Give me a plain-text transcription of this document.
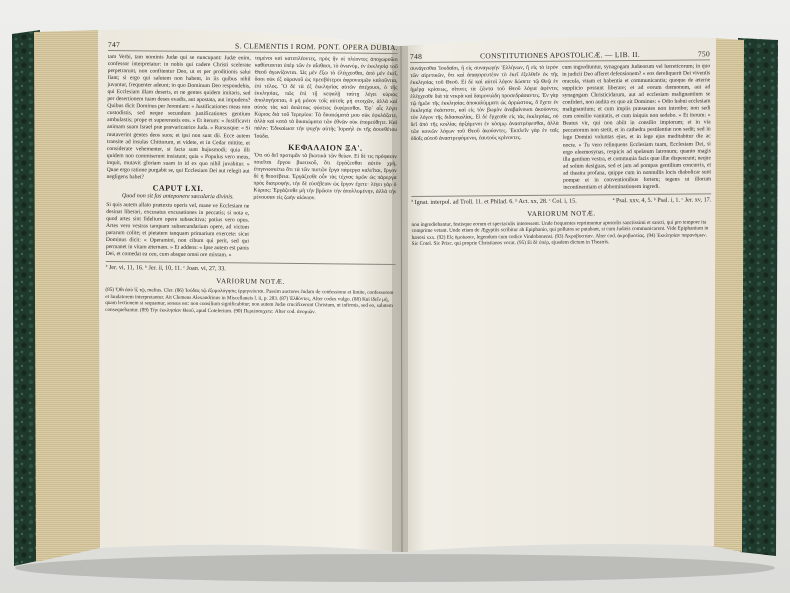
747	S. CLEMENTIS I ROM. PONT. OPERA DUBIA.

tam Verbi, tam nominis Judæ qui se nuncupant: Judæ enim, confessor interpretatur: in nobis qui cadere Christi scelerate perpetrarunt, non confitentur Deo, ut et per proditionis salui fiant; si ergo qui salutem non habent, in iis quibus nihil juvantur, frequenter adeunt; in quo Dominum Deo respondebis, qui Ecclesiam illam deseris, et ne gentes quidem imitaris, sed per desertionem tuam deses evadis, aut apostata, aut impudens? Quibus dicit Dominus per Jeremiam: « Justificationes meas non custodistis, sed neque secundum justificationes gentium ambulastis; prope et supererastis eos. » Et iterum: « Justificavit animam suam Israel præ prævaricatrice Juda. » Rursusque: « Si mutaverint gentes deos suos; et ipsi non sunt dii. Ecce autem transite ad insulas Chittorum, et videte, et in Cedar mittite, et considerate vehementer, si facta sunt hujusmodi; quia illi quidem non commiserunt insistunt; quia « Populus vero meus, inquit, mutavit gloriam suam in id ex quo nihil juvabitur. » Quae ergo ratione purgabit se, qui Ecclesiam Dei aut relegit aut negligens habet?

CAPUT LXI.
Quod non sit fas anteponere sæcularia divinis.

Si quis autem allato prætextu operis vel, mane ve Ecclesiam ne desinat liberari, excusatus excusationes in peccatis; si nota e, quod artes sint fidelium opere subsecitiva; potius vero opus. Artes vero vestras tanquam subsecundarium opere, ad victum pararum colite; et pietatem tanquam primarium exercete: sicut Dominus dicit: « Operamini, non cibum qui perit, sed qui permanet in vitam æternam. » Et addens: « Ipse autem est panis Dei, et comedat ea ceu, cum absque omni ore mixtam. »

ταμένοι καὶ κατεπλέοντες, πρὸς ἣν οἱ πλέοντες ἀποχωροῦσι καθίστανται ὑπὲρ τῶν ἐν αἴσθασι, τὸ ἀνωνύμ, ἐν ἐκκλησίᾳ τοῦ Θεοῦ ἀγωνίζονται. Ὡς μὲν ἔξω τὸ ἐλέγχεσθαι, ἀπὸ μὲν ἐκεῖ, ὅσοι οὐκ ἐξ οὐρανοῦ ὡς πρεσβύτεροι ἀφρονισμῶν καλοῦνται, ἐπὶ τέλος. Ὃ δὲ τὰ ἐξ ἐκκλησίας αὐτῶν ἀπέχουσι, ὁ τῆς ἐκκλησίας, πῶς ἐπὶ τῇ κεφαλῇ ταύτῃ λέγει κύριος ἀπολογήσεται, ὁ μὴ μόνον τοῖς αὐτοῖς μὴ στοιχῶν, ἀλλὰ καὶ αὐτὸς τὰς καὶ ἀσώτους φύσεως ἐκφέρεσθαι. Ἐφ᾽ αἷς λέγει Κύριος διὰ τοῦ Ἱερεμίου: Τὰ δικαιώματά μου οὐκ ἐφυλάξατε, ἀλλὰ καὶ κατὰ τὰ δικαιώματα τῶν ἐθνῶν οὐκ ἐπορεύθητε. Καὶ πάλιν: Ἐδικαίωσε τὴν ψυχὴν αὐτῆς Ἰσραὴλ ἐκ τῆς ἀσυνθέτου Ἰούδα.

ΚΕΦΑΛΑΙΟΝ ΞΑ'.

Ὅτι οὐ δεῖ προτιμᾶν τὰ βιωτικὰ τῶν θείων. Εἰ δέ τις πρόφασιν ποιεῖται ἔργου βιωτικοῦ, ὅτι ἐργάζεσθαι αὐτὸν χρὴ, ἐπιγινωσκέτω ὅτι τὰ τῶν πιστῶν ἔργα πάρεργα καλεῖται, ἔργον δὲ ἡ θεοσέβεια. Ἐργάζεσθε οὖν τὰς τέχνας ὑμῶν ὡς πάρεργα πρὸς διατροφὴν, τὴν δὲ εὐσέβειαν ὡς ἔργον ἔχετε· λέγει γὰρ ὁ Κύριος: Ἐργάζεσθε μὴ τὴν βρῶσιν τὴν ἀπολλυμένην, ἀλλὰ τὴν μένουσαν εἰς ζωὴν αἰώνιον.

ª Jer. vi, 11, 16. ᵇ Jer. ii, 10, 11. ᶜ Joan. vi, 27, 33.
VARIORUM NOTÆ.
(85) Ὅθι ἀπὸ ἴζ τῷ, melius. Cler. (86) Ἰούδας τῷ ἐξομολόγησις ἑρμηνεύεται. Passim auctores Judam de confessione et limite, confessorem et laudatorem interpretantur. Ait Clemens Alexandrinus in Miscellaneis l. ii, p. 283. (87) Ἐλθόντες, Alter codex vulgo. (88) Καὶ ἰδεῖν μὴ, quam lectionem si sequamur, sensus est: non consilium significabitur; non autem Judæ crucifixerunt Christum, ut infirmis, sed eo, salutem consequebantur. (89) Τὴν ἐκκλησίαν Θεοῦ, apud Cotelerium. (90) Περιέσσεχετε: Alter cod. ἀνομιῶν.
748	CONSTITUTIONES APOSTOLICÆ. — LIB. II.	750

συνάγεσθαι Ἰουδαῖοι, ἢ εἰς συναγωγὴν Ἑλλήνων, ἢ εἰς τὸ ἱερὸν τῶν αἱρετικῶν, ὅτι καὶ ἀπαγορευτέον τὸ ἐκεῖ ἐξελθεῖν ἐκ τῆς ἐκκλησίας τοῦ Θεοῦ. Εἰ δὲ καὶ αὐτοὶ λόγον δώσετε τῷ Θεῷ ἐν ἡμέρᾳ κρίσεως, οἵτινες τὰ ζῶντα τοῦ Θεοῦ λόγια ἀφέντες ἐλέγχεσθε διὰ τὰ νεκρὰ καὶ δαιμονιώδη προσεδράσαντες. Ἐν γὰρ τῷ ἡμῶν τῆς ἐκκλησίας ἀποκαλύμματι ὡς ἀρρώστοις, ὃ ἔχετε ἐν ἐκκλησίᾳ ἐκάστοτε, καὶ εἰς τὸν βωμὸν ἀναβαίνουσι ἀκούοντες τὸν λόγον τῆς διδασκαλίας. Εἰ δὲ ἔρχεσθε εἰς τὰς ἐκκλησίας, οὐ δεῖ ἀπὸ τῆς κοιλίας ἀρξάμενοι ἐν κόσμῳ ἀναστρέφεσθαι, ἀλλὰ τῶν κοινῶν λόγων τοῦ Θεοῦ ἀκούοντες. Ἐκπλεῖν γὰρ ἐν ταῖς ὁδοῖς αὐτοῦ ἀναστρεφόμενοι, ἑαυτοὺς κρίνοντες.

cum ingrediuntur, synagogam Judæorum vel hæreticorum; in quo in judicii Deo afferet defensionem? « eos dereliquerit Dei viventis oracula, vitam et habentia et communicantia; quoque de æterne supplicio possunt liberare; et ad eorum dæmonum, aut ad synagogam Christicidarum, aut ad ecclesiam malignantium se confideri, non audita ex quo ait Dominus: « Odio habui ecclesiam malignantium; et cum impiis præsentes non introibo; non sedi cum consilio vanitatis, et cum iniquis non sedebo. » Et iterum: « Beatus vir, qui non abiit in consilio impiorum; et in via peccatorum non stetit, et in cathedra pestilentiæ non sedit; sed in lege Domini voluntas ejus, et in lege ejus meditabitur die ac nocte. » Tu vero relinquens Ecclesiam tuam, Ecclesiam Dei, si ergo eleemosynas, respicis ad spelæum latronum; quanto magis illa gentium vestra, et communia facis quæ illæ dispescunt; neque ad solum desiguas, sed et jam ad pompas gentilium concurris, et ad theatra profana, quippe cum in nonnullis locis diabolicæ sunt pompæ et in conventionibus fortem; tegens ut illorum incontinentiam et abhominationem ingredi.

ª Ignat. interpol. ad Troll. 11. et Philad. 6. ᵇ Act. xx, 28. ᶜ Col. i, 15.	ª Psal. xxv, 4, 5. ᵇ Psal. i, 1. ᶜ Jer. xv, 17.
VARIORUM NOTÆ.
non ingrediebantur, festisque eorum et spectaculis interessent. Unde frequentes reprimuntur apostolis sanctissimi et sancti, qui pro tempore ita comprime vetant. Unde etiam de Ægyptiis scribitur ab Epiphanio, qui pollutos se putabant, si cum Judæis communicarent. Vide Epiphanium in hæresi xxx. (92) Εἰς ὁμοίωσιν, legendum cum codice Vindobonensi. (93) Ἀκροβυστίαν. Alter cod. ἀκροβυστίας. (94) Ἐκκλησίαν παρανόμων. Sic Cotel. Sic Prisc. qui proprie Christianos vocat. (95) Εἰ δὲ ὑπέρ, ejusdem dictum in Theatris.
